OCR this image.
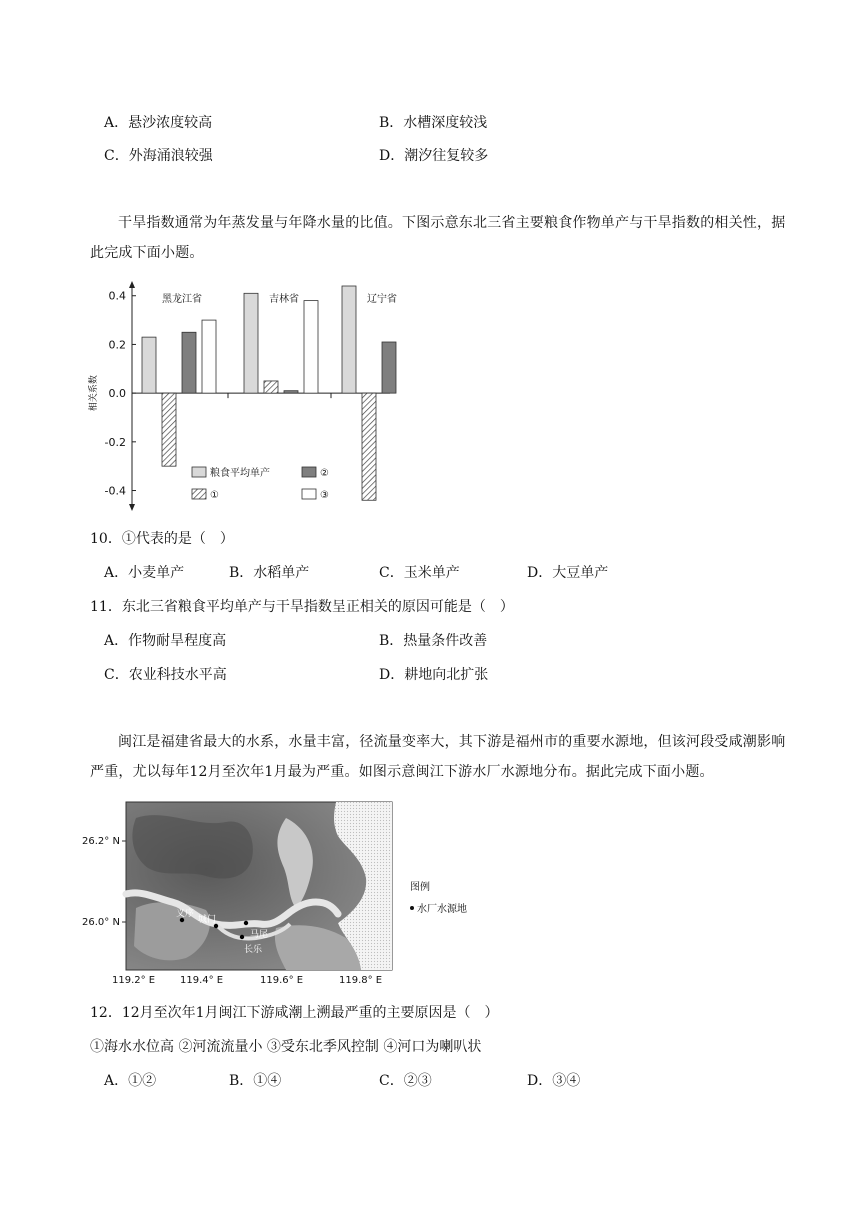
A．悬沙浓度较高	B．水槽深度较浅
C．外海涌浪较强	D．潮汐往复较多
干旱指数通常为年蒸发量与年降水量的比值。下图示意东北三省主要粮食作物单产与干旱指数的相关性，据此完成下面小题。
0.4
0.2
0.0
-0.2
-0.4
相关系数
黑龙江省	吉林省	辽宁省
粮食平均单产
①
②
③
10．①代表的是（　）
A．小麦单产	B．水稻单产	C．玉米单产	D．大豆单产
11．东北三省粮食平均单产与干旱指数呈正相关的原因可能是（　）
A．作物耐旱程度高	B．热量条件改善
C．农业科技水平高	D．耕地向北扩张
闽江是福建省最大的水系，水量丰富，径流量变率大，其下游是福州市的重要水源地，但该河段受咸潮影响严重，尤以每年12月至次年1月最为严重。如图示意闽江下游水厂水源地分布。据此完成下面小题。
义序
城门
马尾
长乐
26.2° N
26.0° N
119.2° E 119.4° E	119.6° E	119.8° E
图例
水厂水源地
12．12月至次年1月闽江下游咸潮上溯最严重的主要原因是（　）
①海水水位高 ②河流流量小 ③受东北季风控制 ④河口为喇叭状
A．①②	B．①④	C．②③	D．③④
